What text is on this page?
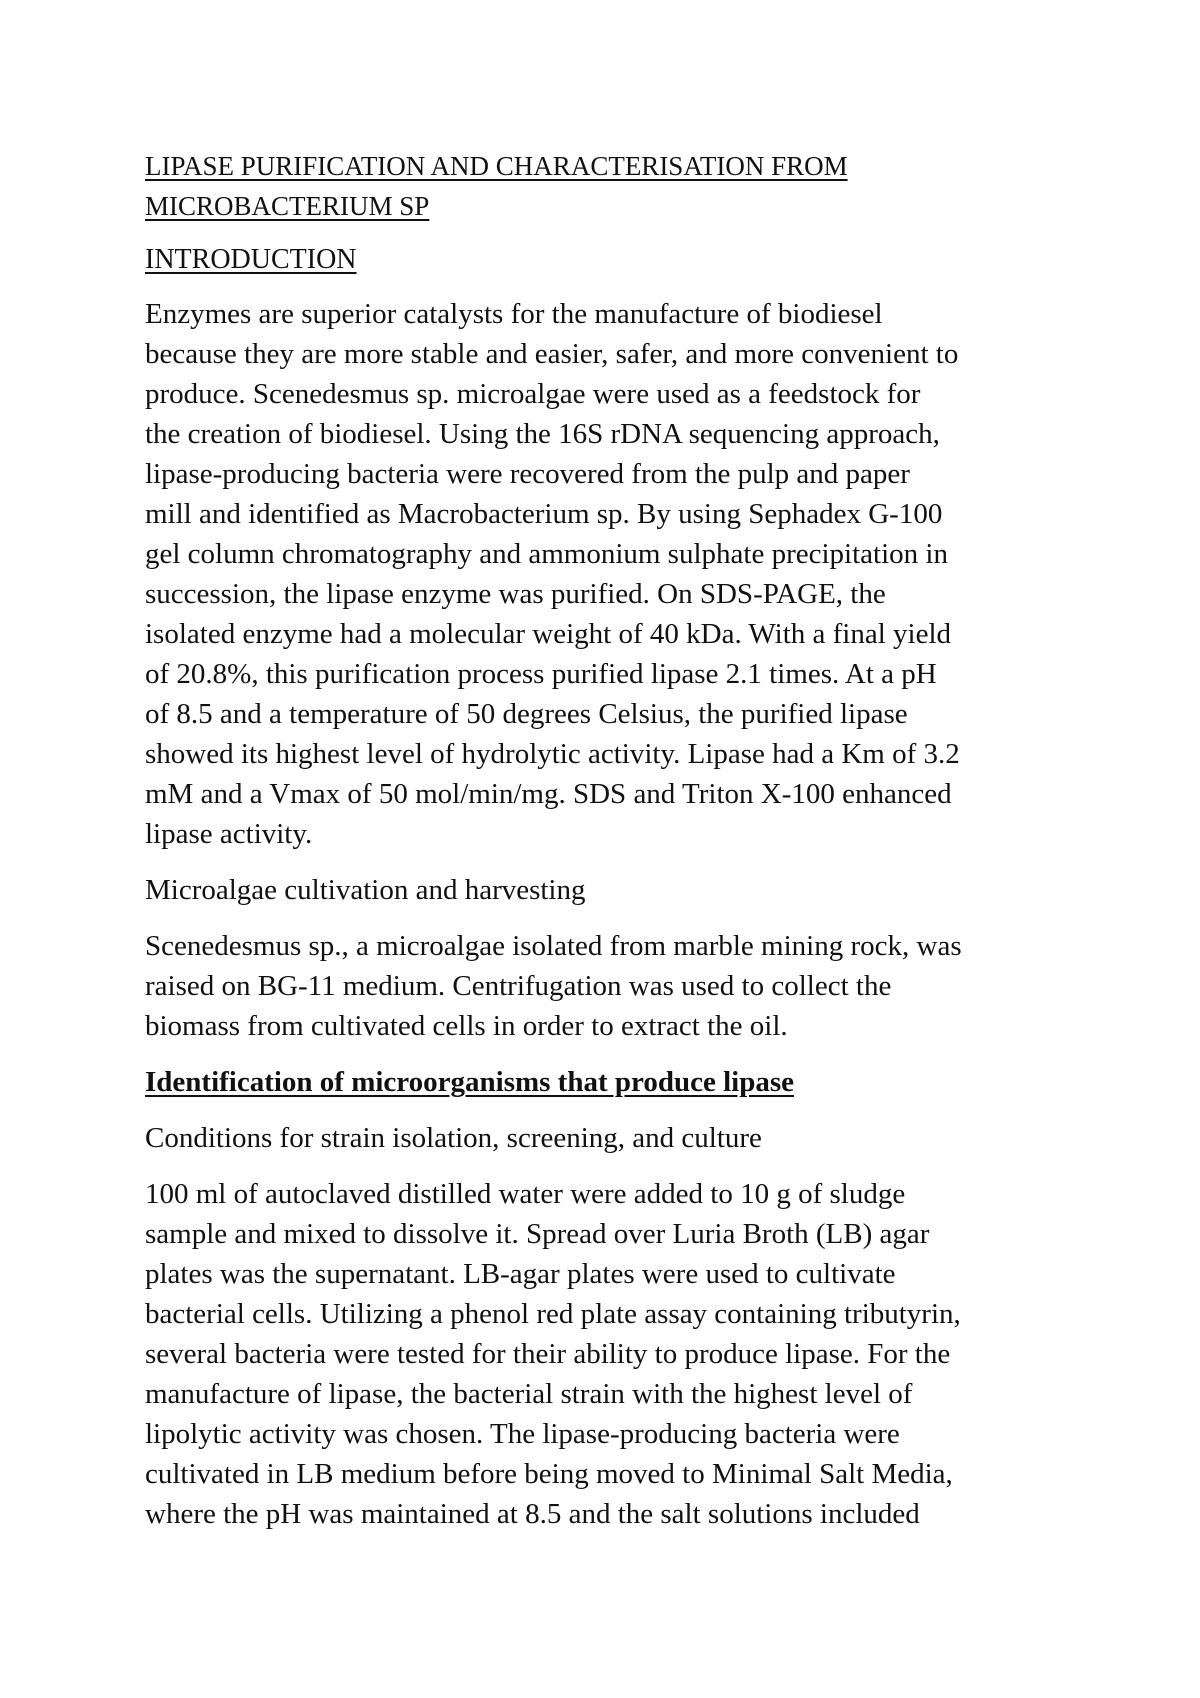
LIPASE PURIFICATION AND CHARACTERISATION FROM

MICROBACTERIUM SP

INTRODUCTION

Enzymes are superior catalysts for the manufacture of biodiesel

because they are more stable and easier, safer, and more convenient to

produce. Scenedesmus sp. microalgae were used as a feedstock for

the creation of biodiesel. Using the 16S rDNA sequencing approach,

lipase-producing bacteria were recovered from the pulp and paper

mill and identified as Macrobacterium sp. By using Sephadex G-100

gel column chromatography and ammonium sulphate precipitation in

succession, the lipase enzyme was purified. On SDS-PAGE, the

isolated enzyme had a molecular weight of 40 kDa. With a final yield

of 20.8%, this purification process purified lipase 2.1 times. At a pH

of 8.5 and a temperature of 50 degrees Celsius, the purified lipase

showed its highest level of hydrolytic activity. Lipase had a Km of 3.2

mM and a Vmax of 50 mol/min/mg. SDS and Triton X-100 enhanced

lipase activity.

Microalgae cultivation and harvesting

Scenedesmus sp., a microalgae isolated from marble mining rock, was

raised on BG-11 medium. Centrifugation was used to collect the

biomass from cultivated cells in order to extract the oil.

Identification of microorganisms that produce lipase

Conditions for strain isolation, screening, and culture

100 ml of autoclaved distilled water were added to 10 g of sludge

sample and mixed to dissolve it. Spread over Luria Broth (LB) agar

plates was the supernatant. LB-agar plates were used to cultivate

bacterial cells. Utilizing a phenol red plate assay containing tributyrin,

several bacteria were tested for their ability to produce lipase. For the

manufacture of lipase, the bacterial strain with the highest level of

lipolytic activity was chosen. The lipase-producing bacteria were

cultivated in LB medium before being moved to Minimal Salt Media,

where the pH was maintained at 8.5 and the salt solutions included
